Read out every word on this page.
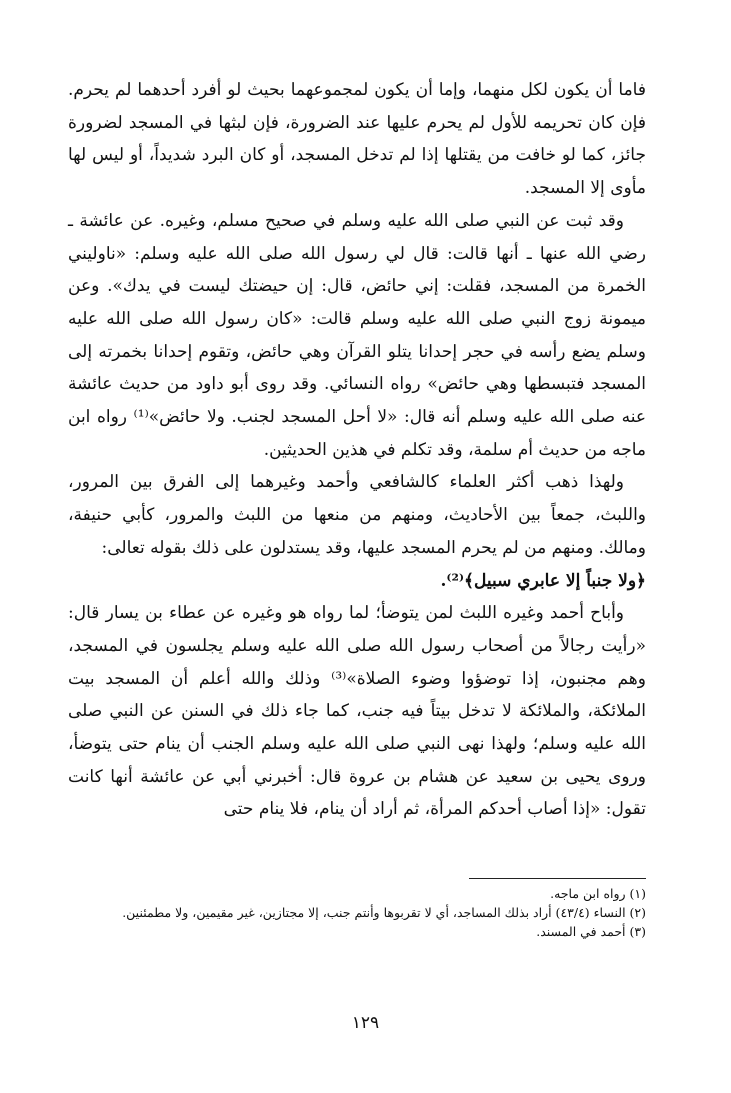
فاما أن يكون لكل منهما، وإما أن يكون لمجموعهما بحيث لو أفرد أحدهما لم يحرم. فإن كان تحريمه للأول لم يحرم عليها عند الضرورة، فإن لبثها في المسجد لضرورة جائز، كما لو خافت من يقتلها إذا لم تدخل المسجد، أو كان البرد شديداً، أو ليس لها مأوى إلا المسجد.

وقد ثبت عن النبي صلى الله عليه وسلم في صحيح مسلم، وغيره. عن عائشة ـ رضي الله عنها ـ أنها قالت: قال لي رسول الله صلى الله عليه وسلم: «ناوليني الخمرة من المسجد، فقلت: إني حائض، قال: إن حيضتك ليست في يدك». وعن ميمونة زوج النبي صلى الله عليه وسلم قالت: «كان رسول الله صلى الله عليه وسلم يضع رأسه في حجر إحدانا يتلو القرآن وهي حائض، وتقوم إحدانا بخمرته إلى المسجد فتبسطها وهي حائض» رواه النسائي. وقد روى أبو داود من حديث عائشة عنه صلى الله عليه وسلم أنه قال: «لا أحل المسجد لجنب. ولا حائض»⁽¹⁾ رواه ابن ماجه من حديث أم سلمة، وقد تكلم في هذين الحديثين.

ولهذا ذهب أكثر العلماء كالشافعي وأحمد وغيرهما إلى الفرق بين المرور، واللبث، جمعاً بين الأحاديث، ومنهم من منعها من اللبث والمرور، كأبي حنيفة، ومالك. ومنهم من لم يحرم المسجد عليها، وقد يستدلون على ذلك بقوله تعالى:

﴿ولا جنباً إلا عابري سبيل﴾⁽²⁾.

وأباح أحمد وغيره اللبث لمن يتوضأ؛ لما رواه هو وغيره عن عطاء بن يسار قال: «رأيت رجالاً من أصحاب رسول الله صلى الله عليه وسلم يجلسون في المسجد، وهم مجنبون، إذا توضؤوا وضوء الصلاة»⁽³⁾ وذلك والله أعلم أن المسجد بيت الملائكة، والملائكة لا تدخل بيتاً فيه جنب، كما جاء ذلك في السنن عن النبي صلى الله عليه وسلم؛ ولهذا نهى النبي صلى الله عليه وسلم الجنب أن ينام حتى يتوضأ، وروى يحيى بن سعيد عن هشام بن عروة قال: أخبرني أبي عن عائشة أنها كانت تقول: «إذا أصاب أحدكم المرأة، ثم أراد أن ينام، فلا ينام حتى

(١) رواه ابن ماجه.

(٢) النساء (٤٣/٤) أراد بذلك المساجد، أي لا تقربوها وأنتم جنب، إلا مجتازين، غير مقيمين، ولا مطمئنين.

(٣) أحمد في المسند.

١٢٩
